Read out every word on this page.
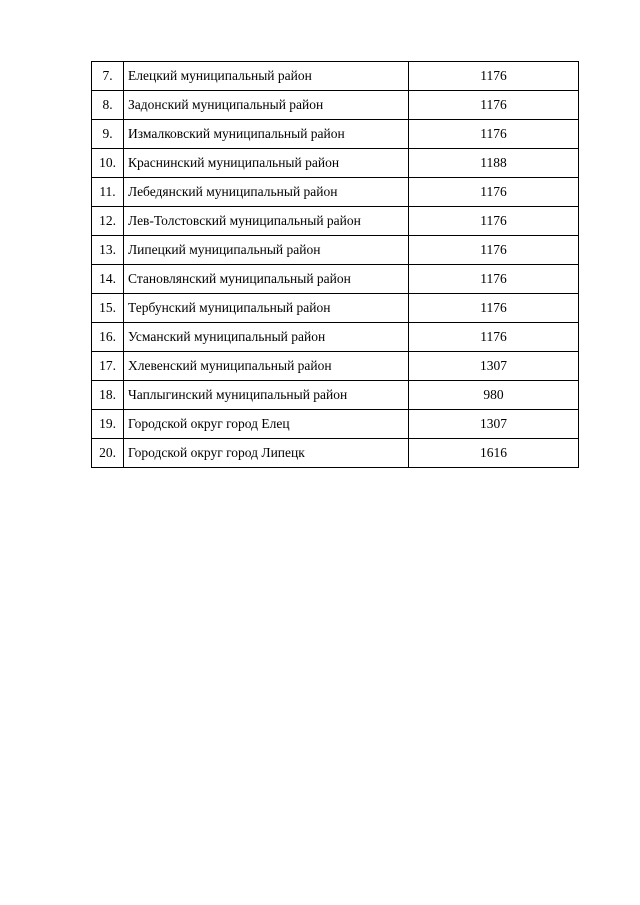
7.	Елецкий муниципальный район	1176
8.	Задонский муниципальный район	1176
9.	Измалковский муниципальный район	1176
10.	Краснинский муниципальный район	1188
11.	Лебедянский муниципальный район	1176
12.	Лев-Толстовский муниципальный район	1176
13.	Липецкий муниципальный район	1176
14.	Становлянский муниципальный район	1176
15.	Тербунский муниципальный район	1176
16.	Усманский муниципальный район	1176
17.	Хлевенский муниципальный район	1307
18.	Чаплыгинский муниципальный район	980
19.	Городской округ город Елец	1307
20.	Городской округ город Липецк	1616
